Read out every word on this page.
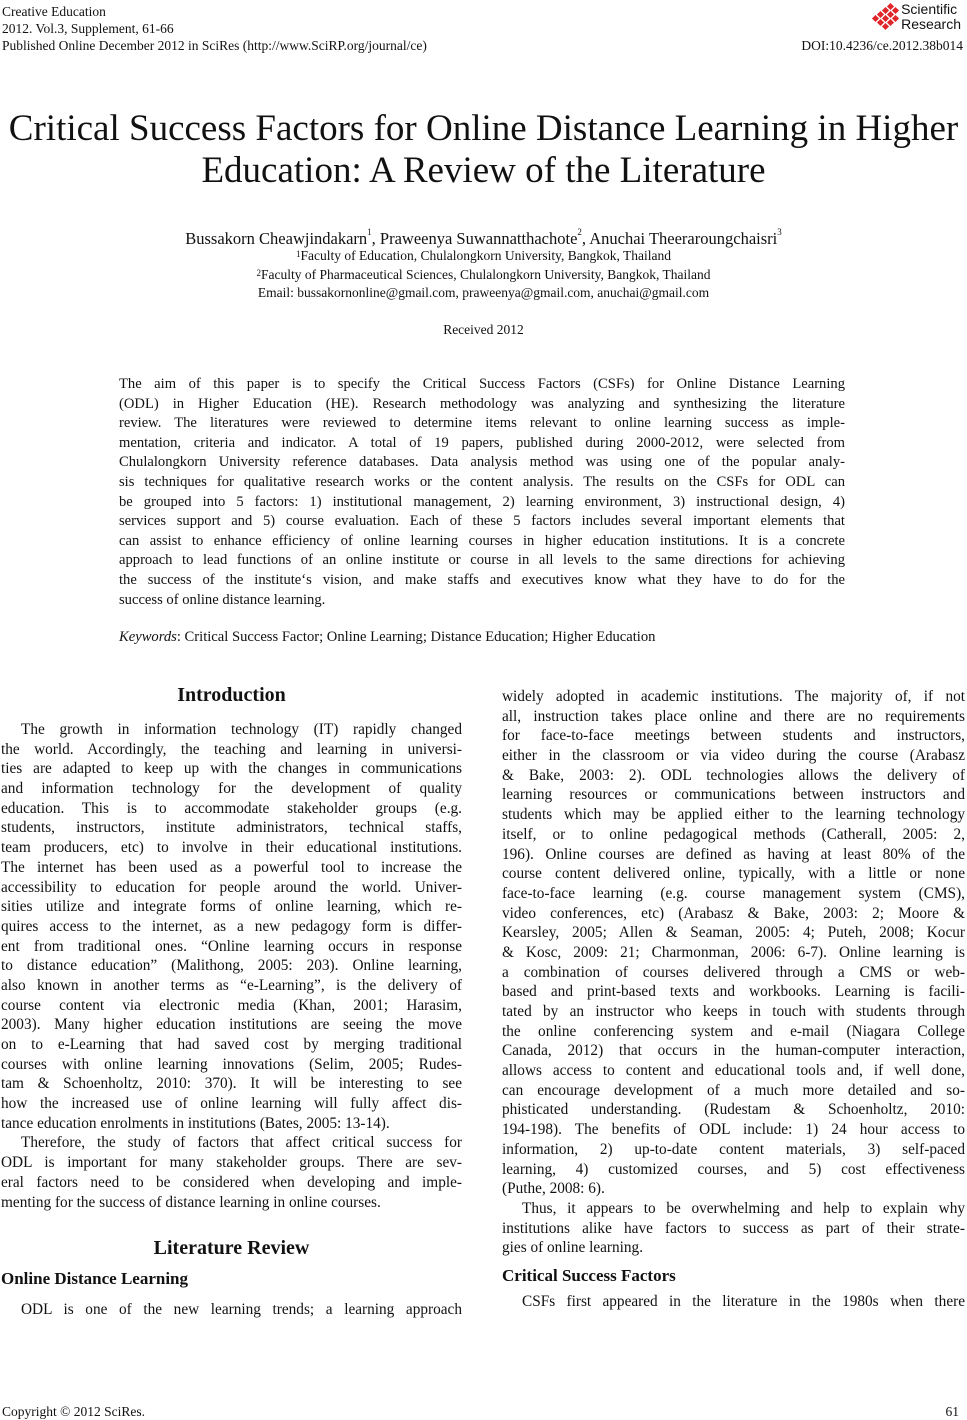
Creative Education
2012. Vol.3, Supplement, 61-66
Published Online December 2012 in SciRes (http://www.SciRP.org/journal/ce)	DOI:10.4236/ce.2012.38b014
Scientific
Research
Critical Success Factors for Online Distance Learning in Higher
Education: A Review of the Literature
Bussakorn Cheawjindakarn$^1$, Praweenya Suwannatthachote$^2$, Anuchai Theeraroungchaisri$^3$
$^1$Faculty of Education, Chulalongkorn University, Bangkok, Thailand
$^2$Faculty of Pharmaceutical Sciences, Chulalongkorn University, Bangkok, Thailand
Email: bussakornonline@gmail.com, praweenya@gmail.com, anuchai@gmail.com
Received 2012
The aim of this paper is to specify the Critical Success Factors (CSFs) for Online Distance Learning
(ODL) in Higher Education (HE). Research methodology was analyzing and synthesizing the literature
review. The literatures were reviewed to determine items relevant to online learning success as imple-
mentation, criteria and indicator. A total of 19 papers, published during 2000-2012, were selected from
Chulalongkorn University reference databases. Data analysis method was using one of the popular analy-
sis techniques for qualitative research works or the content analysis. The results on the CSFs for ODL can
be grouped into 5 factors: 1) institutional management, 2) learning environment, 3) instructional design, 4)
services support and 5) course evaluation. Each of these 5 factors includes several important elements that
can assist to enhance efficiency of online learning courses in higher education institutions. It is a concrete
approach to lead functions of an online institute or course in all levels to the same directions for achieving
the success of the institute‘s vision, and make staffs and executives know what they have to do for the
success of online distance learning.
Keywords: Critical Success Factor; Online Learning; Distance Education; Higher Education
Introduction
The growth in information technology (IT) rapidly changed
the world. Accordingly, the teaching and learning in universi-
ties are adapted to keep up with the changes in communications
and information technology for the development of quality
education. This is to accommodate stakeholder groups (e.g.
students, instructors, institute administrators, technical staffs,
team producers, etc) to involve in their educational institutions.
The internet has been used as a powerful tool to increase the
accessibility to education for people around the world. Univer-
sities utilize and integrate forms of online learning, which re-
quires access to the internet, as a new pedagogy form is differ-
ent from traditional ones. “Online learning occurs in response
to distance education” (Malithong, 2005: 203). Online learning,
also known in another terms as “e-Learning”, is the delivery of
course content via electronic media (Khan, 2001; Harasim,
2003). Many higher education institutions are seeing the move
on to e-Learning that had saved cost by merging traditional
courses with online learning innovations (Selim, 2005; Rudes-
tam & Schoenholtz, 2010: 370). It will be interesting to see
how the increased use of online learning will fully affect dis-
tance education enrolments in institutions (Bates, 2005: 13-14).
Therefore, the study of factors that affect critical success for
ODL is important for many stakeholder groups. There are sev-
eral factors need to be considered when developing and imple-
menting for the success of distance learning in online courses.
Literature Review
Online Distance Learning
ODL is one of the new learning trends; a learning approach
widely adopted in academic institutions. The majority of, if not
all, instruction takes place online and there are no requirements
for face-to-face meetings between students and instructors,
either in the classroom or via video during the course (Arabasz
& Bake, 2003: 2). ODL technologies allows the delivery of
learning resources or communications between instructors and
students which may be applied either to the learning technology
itself, or to online pedagogical methods (Catherall, 2005: 2,
196). Online courses are defined as having at least 80% of the
course content delivered online, typically, with a little or none
face-to-face learning (e.g. course management system (CMS),
video conferences, etc) (Arabasz & Bake, 2003: 2; Moore &
Kearsley, 2005; Allen & Seaman, 2005: 4; Puteh, 2008; Kocur
& Kosc, 2009: 21; Charmonman, 2006: 6-7). Online learning is
a combination of courses delivered through a CMS or web-
based and print-based texts and workbooks. Learning is facili-
tated by an instructor who keeps in touch with students through
the online conferencing system and e-mail (Niagara College
Canada, 2012) that occurs in the human-computer interaction,
allows access to content and educational tools and, if well done,
can encourage development of a much more detailed and so-
phisticated understanding. (Rudestam & Schoenholtz, 2010:
194-198). The benefits of ODL include: 1) 24 hour access to
information, 2) up-to-date content materials, 3) self-paced
learning, 4) customized courses, and 5) cost effectiveness
(Puthe, 2008: 6).
Thus, it appears to be overwhelming and help to explain why
institutions alike have factors to success as part of their strate-
gies of online learning.
Critical Success Factors
CSFs first appeared in the literature in the 1980s when there
Copyright © 2012 SciRes.	61
